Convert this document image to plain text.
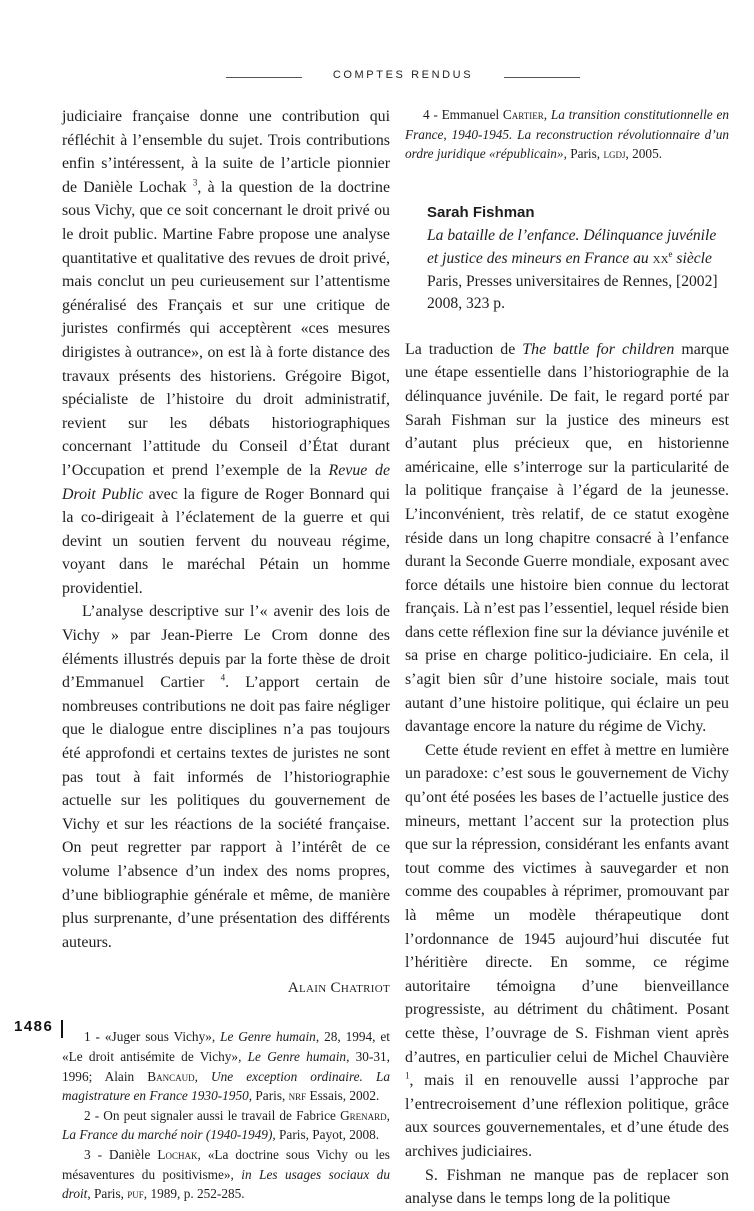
COMPTES RENDUS

judiciaire française donne une contribution qui réfléchit à l’ensemble du sujet. Trois contributions enfin s’intéressent, à la suite de l’article pionnier de Danièle Lochak $^3$, à la question de la doctrine sous Vichy, que ce soit concernant le droit privé ou le droit public. Martine Fabre propose une analyse quantitative et qualitative des revues de droit privé, mais conclut un peu curieusement sur l’attentisme généralisé des Français et sur une critique de juristes confirmés qui acceptèrent «ces mesures dirigistes à outrance», on est là à forte distance des travaux présents des historiens. Grégoire Bigot, spécialiste de l’histoire du droit administratif, revient sur les débats historiographiques concernant l’attitude du Conseil d’État durant l’Occupation et prend l’exemple de la Revue de Droit Public avec la figure de Roger Bonnard qui la co-dirigeait à l’éclatement de la guerre et qui devint un soutien fervent du nouveau régime, voyant dans le maréchal Pétain un homme providentiel.

L’analyse descriptive sur l’« avenir des lois de Vichy » par Jean-Pierre Le Crom donne des éléments illustrés depuis par la forte thèse de droit d’Emmanuel Cartier $^4$. L’apport certain de nombreuses contributions ne doit pas faire négliger que le dialogue entre disciplines n’a pas toujours été approfondi et certains textes de juristes ne sont pas tout à fait informés de l’historiographie actuelle sur les politiques du gouvernement de Vichy et sur les réactions de la société française. On peut regretter par rapport à l’intérêt de ce volume l’absence d’un index des noms propres, d’une bibliographie générale et même, de manière plus surprenante, d’une présentation des différents auteurs.

Alain Chatriot

1 - «Juger sous Vichy», Le Genre humain, 28, 1994, et «Le droit antisémite de Vichy», Le Genre humain, 30-31, 1996; Alain Bancaud, Une exception ordinaire. La magistrature en France 1930-1950, Paris, nrf Essais, 2002.

2 - On peut signaler aussi le travail de Fabrice Grenard, La France du marché noir (1940-1949), Paris, Payot, 2008.

3 - Danièle Lochak, «La doctrine sous Vichy ou les mésaventures du positivisme», in Les usages sociaux du droit, Paris, puf, 1989, p. 252-285.

4 - Emmanuel Cartier, La transition constitutionnelle en France, 1940-1945. La reconstruction révolutionnaire d’un ordre juridique «républicain», Paris, lgdj, 2005.

Sarah Fishman
La bataille de l’enfance. Délinquance juvénile et justice des mineurs en France au $xx^e$ siècle Paris, Presses universitaires de Rennes, [2002] 2008, 323 p.

La traduction de The battle for children marque une étape essentielle dans l’historiographie de la délinquance juvénile. De fait, le regard porté par Sarah Fishman sur la justice des mineurs est d’autant plus précieux que, en historienne américaine, elle s’interroge sur la particularité de la politique française à l’égard de la jeunesse. L’inconvénient, très relatif, de ce statut exogène réside dans un long chapitre consacré à l’enfance durant la Seconde Guerre mondiale, exposant avec force détails une histoire bien connue du lectorat français. Là n’est pas l’essentiel, lequel réside bien dans cette réflexion fine sur la déviance juvénile et sa prise en charge politico-judiciaire. En cela, il s’agit bien sûr d’une histoire sociale, mais tout autant d’une histoire politique, qui éclaire un peu davantage encore la nature du régime de Vichy.

Cette étude revient en effet à mettre en lumière un paradoxe: c’est sous le gouvernement de Vichy qu’ont été posées les bases de l’actuelle justice des mineurs, mettant l’accent sur la protection plus que sur la répression, considérant les enfants avant tout comme des victimes à sauvegarder et non comme des coupables à réprimer, promouvant par là même un modèle thérapeutique dont l’ordonnance de 1945 aujourd’hui discutée fut l’héritière directe. En somme, ce régime autoritaire témoigna d’une bienveillance progressiste, au détriment du châtiment. Posant cette thèse, l’ouvrage de S. Fishman vient après d’autres, en particulier celui de Michel Chauvière $^1$, mais il en renouvelle aussi l’approche par l’entrecroisement d’une réflexion politique, grâce aux sources gouvernementales, et d’une étude des archives judiciaires.

S. Fishman ne manque pas de replacer son analyse dans le temps long de la politique

1486
